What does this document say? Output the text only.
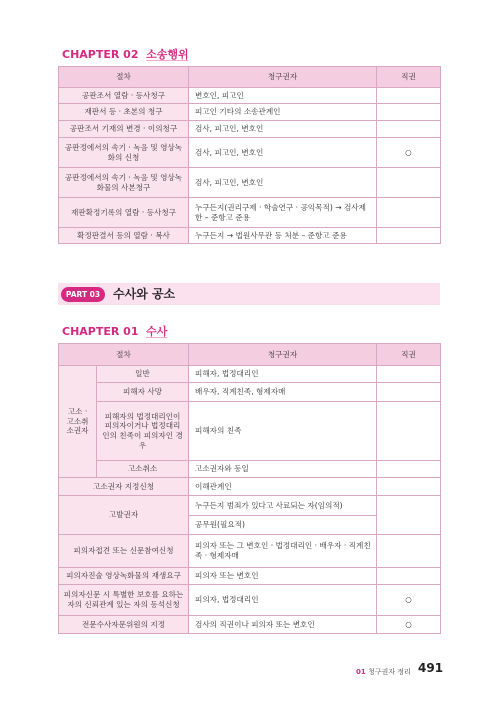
CHAPTER 02 소송행위
절차	청구권자	직권
공판조서 열람 · 등사청구	변호인, 피고인	
재판서 등 · 초본의 청구	피고인 기타의 소송관계인	
공판조서 기재의 변경 · 이의청구	검사, 피고인, 변호인	
공판정에서의 속기 · 녹음 및 영상녹화의 신청	검사, 피고인, 변호인	○
공판정에서의 속기 · 녹음 및 영상녹화물의 사본청구	검사, 피고인, 변호인	
재판확정기록의 열람 · 등사청구	누구든지(권리구제 · 학술연구 · 공익목적) → 검사제한 – 준항고 준용	
확정판결서 등의 열람 · 복사	누구든지 → 법원사무관 등 처분 – 준항고 준용	
PART 03	수사와 공소
CHAPTER 01 수사
절차		청구권자	직권
고소 · 고소취 소권자	일반	피해자, 법정대리인	
	피해자 사망	배우자, 직계친족, 형제자매	
	피해자의 법정대리인이 피의자이거나 법정대리인의 친족이 피의자인 경우	피해자의 친족	
	고소취소	고소권자와 동일	
고소권자 지정신청		이해관계인	
고발권자		누구든지 범죄가 있다고 사료되는 자(임의적)	
		공무원(필요적)	
피의자접견 또는 신문참여신청		피의자 또는 그 변호인 · 법정대리인 · 배우자 · 직계친족 · 형제자매	
피의자진술 영상녹화물의 재생요구		피의자 또는 변호인	
피의자신문 시 특별한 보호를 요하는 자의 신뢰관계 있는 자의 동석신청		피의자, 법정대리인	○
전문수사자문위원의 지정		검사의 직권이나 피의자 또는 변호인	○
01 청구권자 정리 491
